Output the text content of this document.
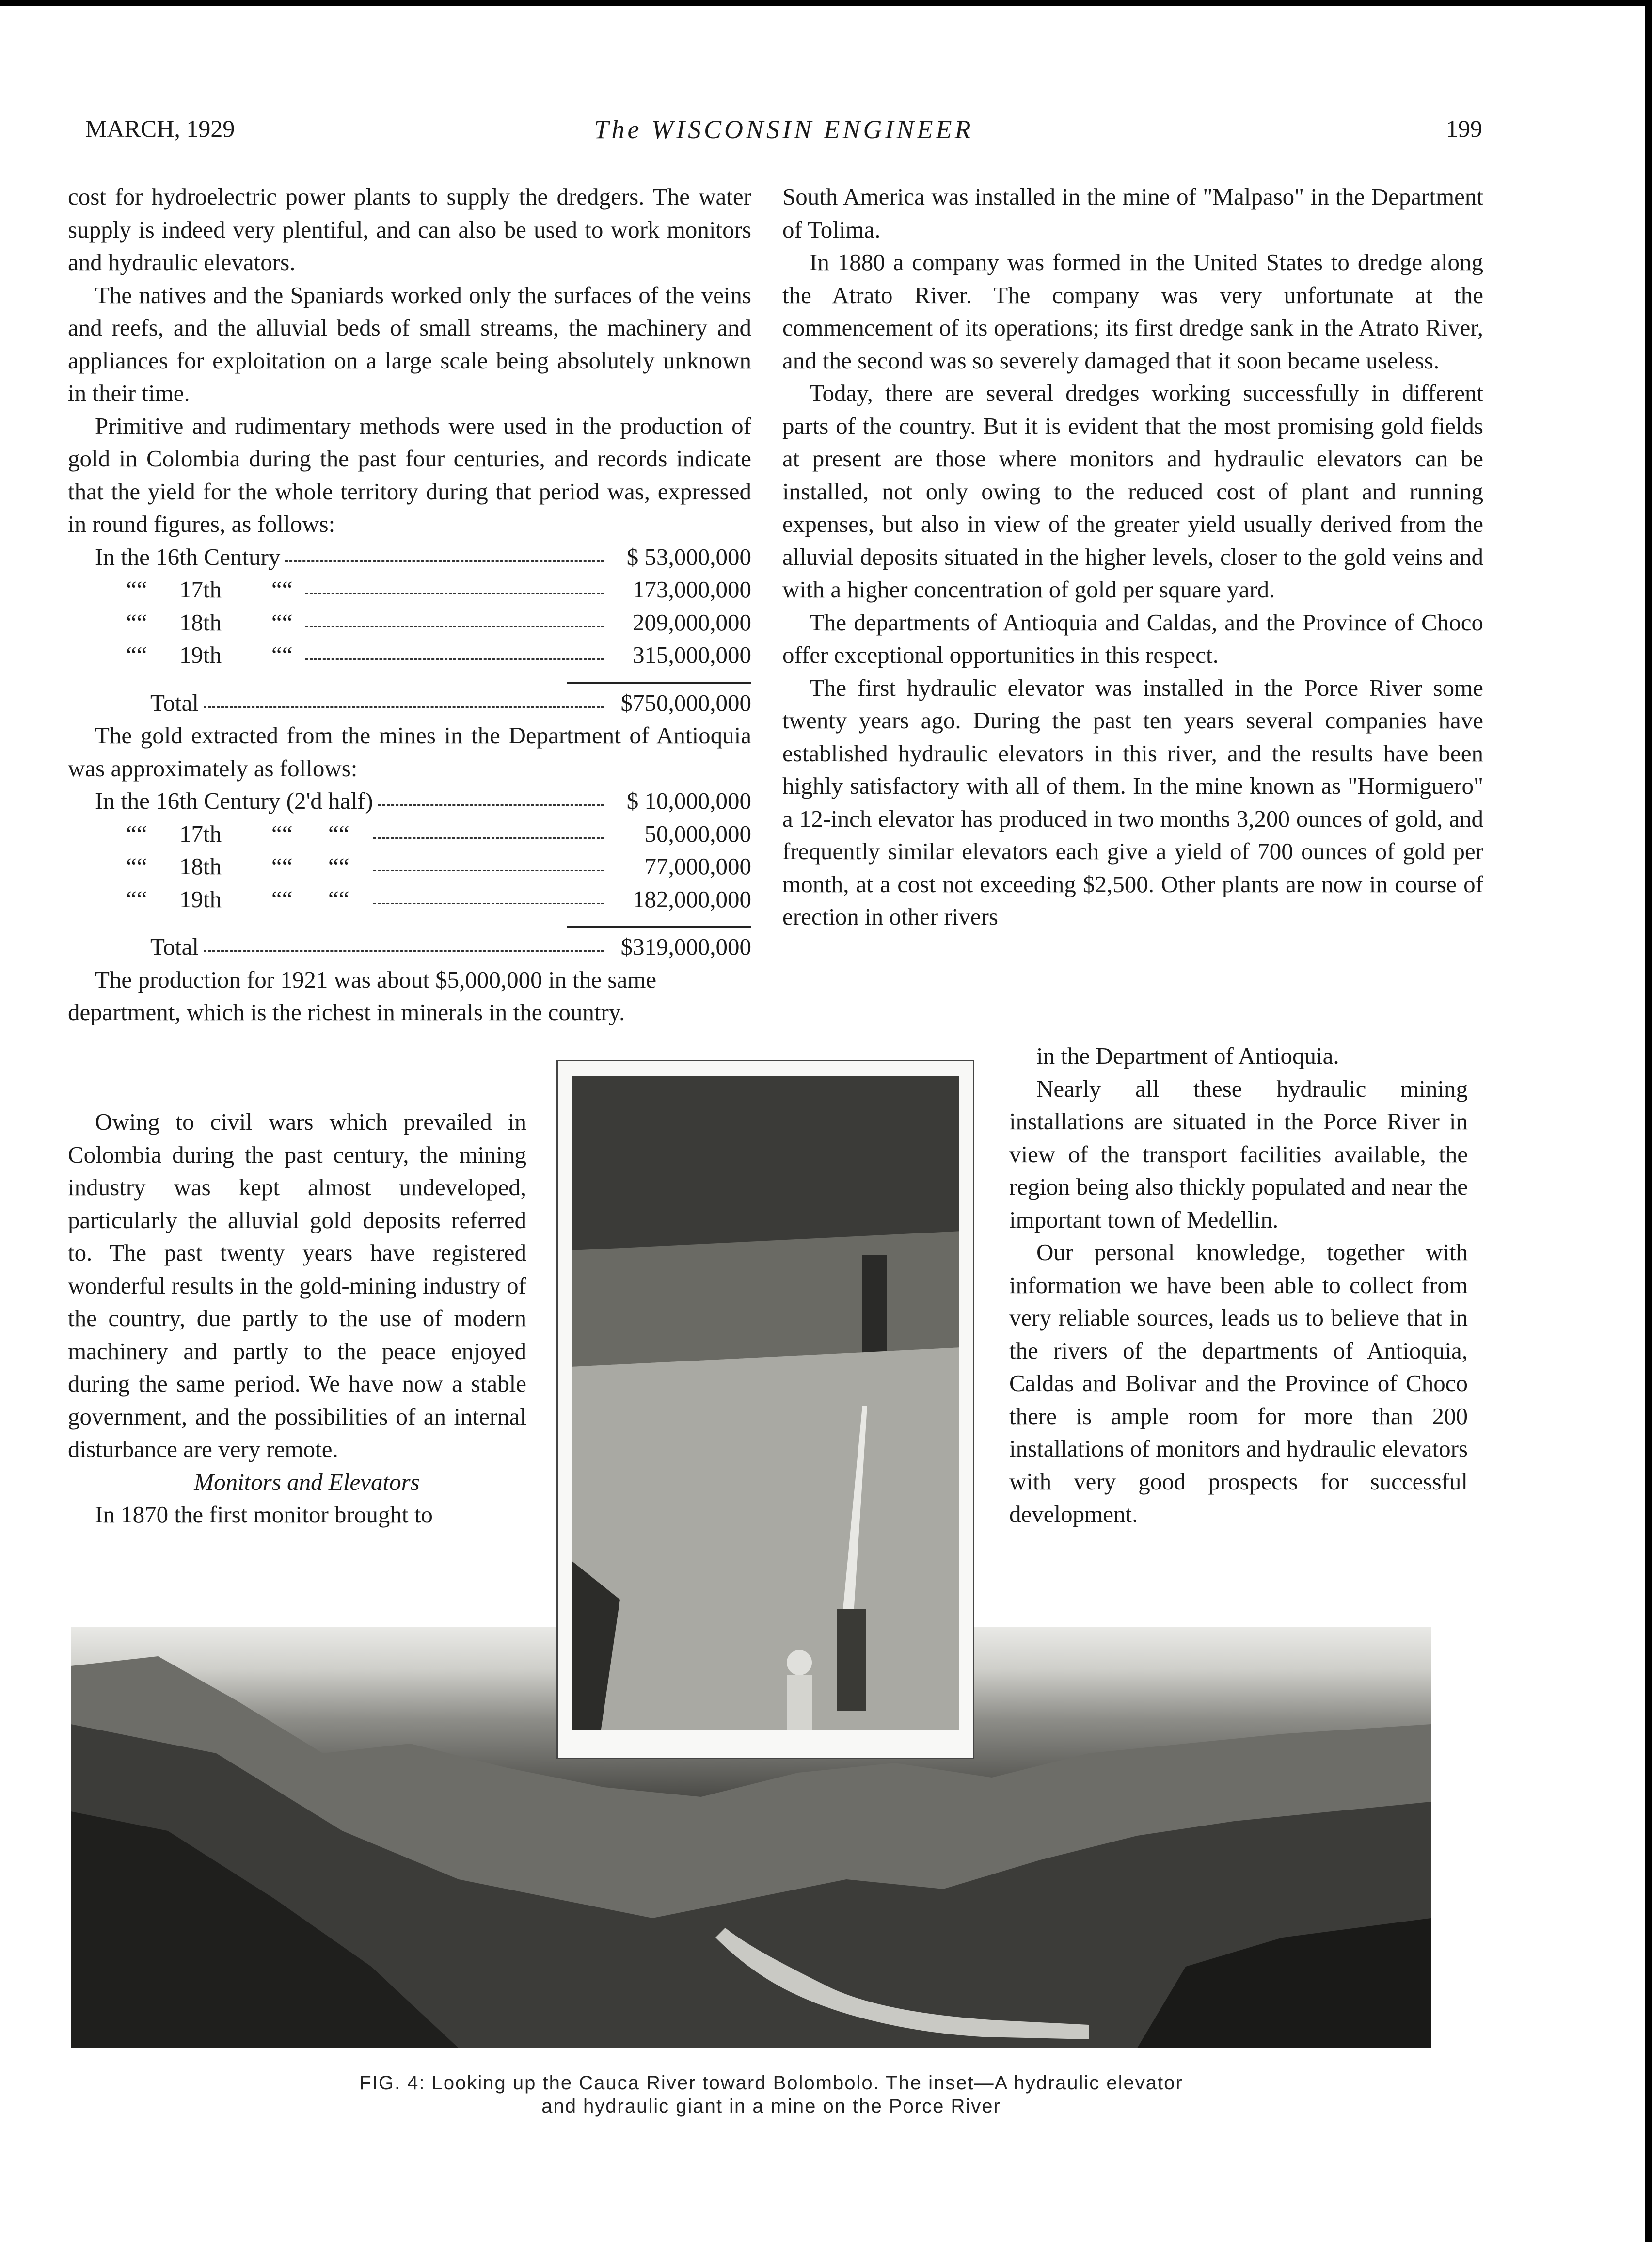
MARCH, 1929	The WISCONSIN ENGINEER	199

cost for hydroelectric power plants to supply the dredgers. The water supply is indeed very plentiful, and can also be used to work monitors and hydraulic elevators.

The natives and the Spaniards worked only the surfaces of the veins and reefs, and the alluvial beds of small streams, the machinery and appliances for exploitation on a large scale being absolutely unknown in their time.

Primitive and rudimentary methods were used in the production of gold in Colombia during the past four centuries, and records indicate that the yield for the whole territory during that period was, expressed in round figures, as follows:

In the 16th Century	$ 53,000,000
““	17th	““	173,000,000
““	18th	““	209,000,000
““	19th	““	315,000,000
Total	$750,000,000

The gold extracted from the mines in the Department of Antioquia was approximately as follows:

In the 16th Century (2'd half)	$ 10,000,000
““	17th	““      ““	50,000,000
““	18th	““      ““	77,000,000
““	19th	““      ““	182,000,000
Total	$319,000,000

The production for 1921 was about $5,000,000 in the same department, which is the richest in minerals in the country.

Owing to civil wars which prevailed in Colombia during the past century, the mining industry was kept almost undeveloped, particularly the alluvial gold deposits referred to. The past twenty years have registered wonderful results in the gold-mining industry of the country, due partly to the use of modern machinery and partly to the peace enjoyed during the same period. We have now a stable government, and the possibilities of an internal disturbance are very remote.

Monitors and Elevators

In 1870 the first monitor brought to

South America was installed in the mine of "Malpaso" in the Department of Tolima.

In 1880 a company was formed in the United States to dredge along the Atrato River. The company was very unfortunate at the commencement of its operations; its first dredge sank in the Atrato River, and the second was so severely damaged that it soon became useless.

Today, there are several dredges working successfully in different parts of the country. But it is evident that the most promising gold fields at present are those where monitors and hydraulic elevators can be installed, not only owing to the reduced cost of plant and running expenses, but also in view of the greater yield usually derived from the alluvial deposits situated in the higher levels, closer to the gold veins and with a higher concentration of gold per square yard.

The departments of Antioquia and Caldas, and the Province of Choco offer exceptional opportunities in this respect.

The first hydraulic elevator was installed in the Porce River some twenty years ago. During the past ten years several companies have established hydraulic elevators in this river, and the results have been highly satisfactory with all of them. In the mine known as "Hormiguero" a 12-inch elevator has produced in two months 3,200 ounces of gold, and frequently similar elevators each give a yield of 700 ounces of gold per month, at a cost not exceeding $2,500. Other plants are now in course of erection in other rivers

in the Department of Antioquia.

Nearly all these hydraulic mining installations are situated in the Porce River in view of the transport facilities available, the region being also thickly populated and near the important town of Medellin.

Our personal knowledge, together with information we have been able to collect from very reliable sources, leads us to believe that in the rivers of the departments of Antioquia, Caldas and Bolivar and the Province of Choco there is ample room for more than 200 installations of monitors and hydraulic elevators with very good prospects for successful development.

FIG. 4: Looking up the Cauca River toward Bolombolo. The inset—A hydraulic elevator
and hydraulic giant in a mine on the Porce River
